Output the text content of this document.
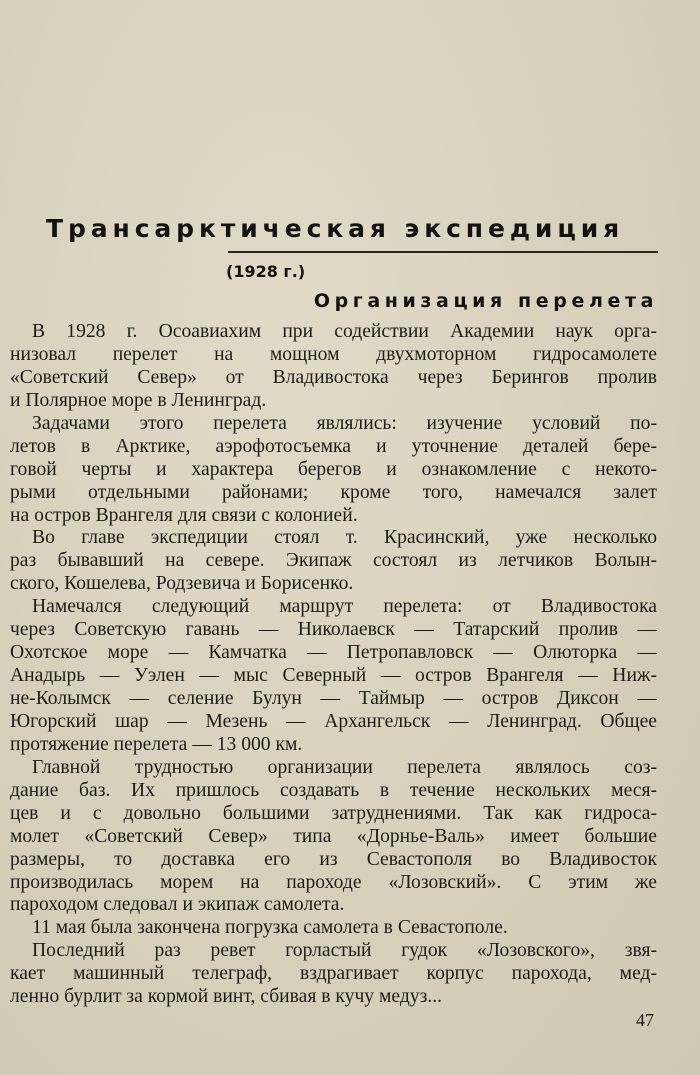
Трансарктическая экспедиция
(1928 г.)
Организация перелета
В 1928 г. Осоавиахим при содействии Академии наук орга-
низовал перелет на мощном двухмоторном гидросамолете
«Советский Север» от Владивостока через Берингов пролив
и Полярное море в Ленинград.
Задачами этого перелета являлись: изучение условий по-
летов в Арктике, аэрофотосъемка и уточнение деталей бере-
говой черты и характера берегов и ознакомление с некото-
рыми отдельными районами; кроме того, намечался залет
на остров Врангеля для связи с колонией.
Во главе экспедиции стоял т. Красинский, уже несколько
раз бывавший на севере. Экипаж состоял из летчиков Волын-
ского, Кошелева, Родзевича и Борисенко.
Намечался следующий маршрут перелета: от Владивостока
через Советскую гавань — Николаевск — Татарский пролив —
Охотское море — Камчатка — Петропавловск — Олюторка —
Анадырь — Уэлен — мыс Северный — остров Врангеля — Ниж-
не-Колымск — селение Булун — Таймыр — остров Диксон —
Югорский шар — Мезень — Архангельск — Ленинград. Общее
протяжение перелета — 13 000 км.
Главной трудностью организации перелета являлось соз-
дание баз. Их пришлось создавать в течение нескольких меся-
цев и с довольно большими затруднениями. Так как гидроса-
молет «Советский Север» типа «Дорнье-Валь» имеет большие
размеры, то доставка его из Севастополя во Владивосток
производилась морем на пароходе «Лозовский». С этим же
пароходом следовал и экипаж самолета.
11 мая была закончена погрузка самолета в Севастополе.
Последний раз ревет горластый гудок «Лозовского», звя-
кает машинный телеграф, вздрагивает корпус парохода, мед-
ленно бурлит за кормой винт, сбивая в кучу медуз...
47
